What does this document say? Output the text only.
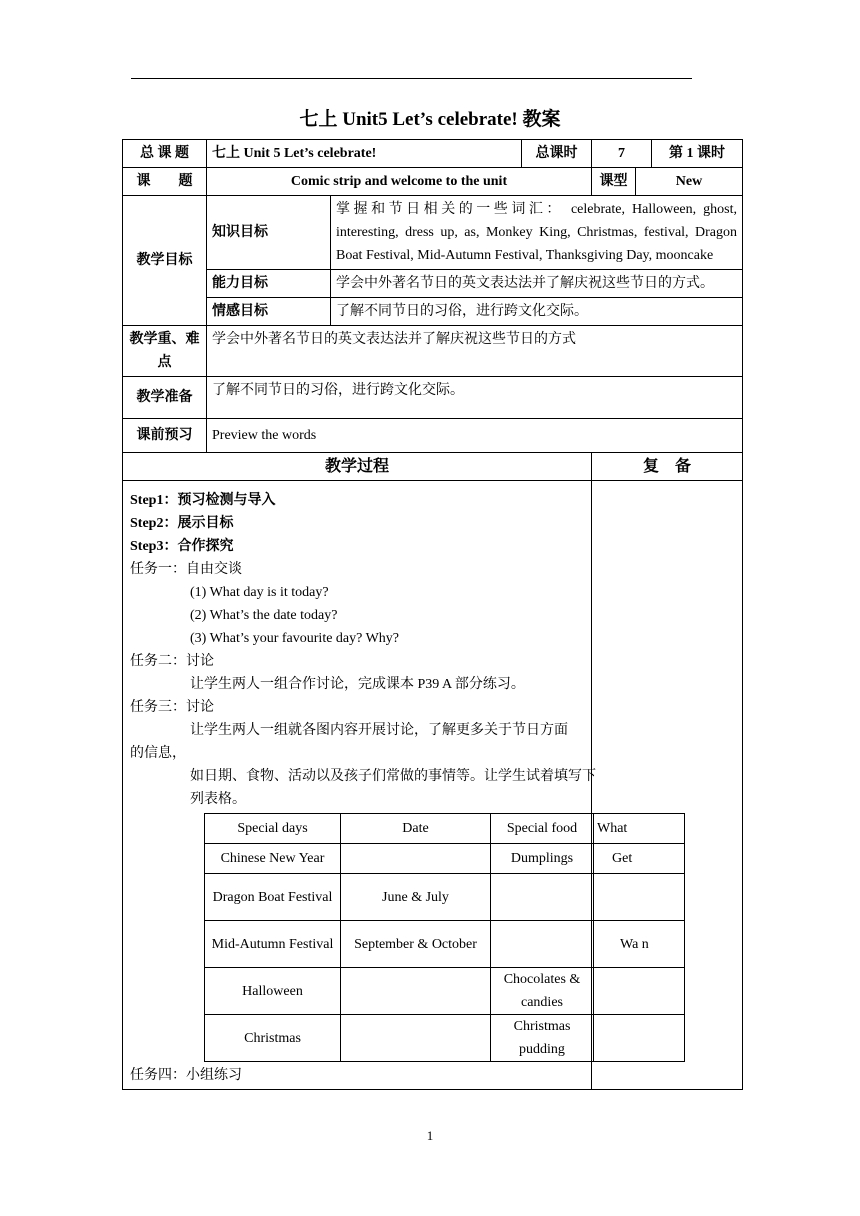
七上 Unit5 Let’s celebrate! 教案
总 课 题	七上 Unit 5 Let’s celebrate!	总课时	7	第 1 课时
课　　题	Comic strip and welcome to the unit	课型	New
教学目标	知识目标	掌握和节日相关的一些词汇： celebrate, Halloween, ghost, interesting, dress up, as, Monkey King, Christmas, festival, Dragon Boat Festival, Mid-Autumn Festival, Thanksgiving Day, mooncake
能力目标	学会中外著名节日的英文表达法并了解庆祝这些节日的方式。
情感目标	了解不同节日的习俗，进行跨文化交际。
教学重、难点	学会中外著名节日的英文表达法并了解庆祝这些节日的方式
教学准备	了解不同节日的习俗，进行跨文化交际。
课前预习	Preview the words
教学过程	复　备

Step1：预习检测与导入
Step2：展示目标
Step3：合作探究
任务一：自由交谈
(1) What day is it today?
(2) What’s the date today?
(3) What’s your favourite day? Why?
任务二：讨论
让学生两人一组合作讨论，完成课本 P39 A 部分练习。
任务三：讨论
让学生两人一组就各图内容开展讨论，了解更多关于节日方面
的信息，
如日期、食物、活动以及孩子们常做的事情等。让学生试着填写下列表格。
Special days	Date	Special food	What
Chinese New Year		Dumplings	Get
Dragon Boat Festival	June & July		
Mid-Autumn Festival	September & October		Wa n
Halloween		Chocolates & candies	
Christmas		Christmas pudding	
任务四：小组练习

1
